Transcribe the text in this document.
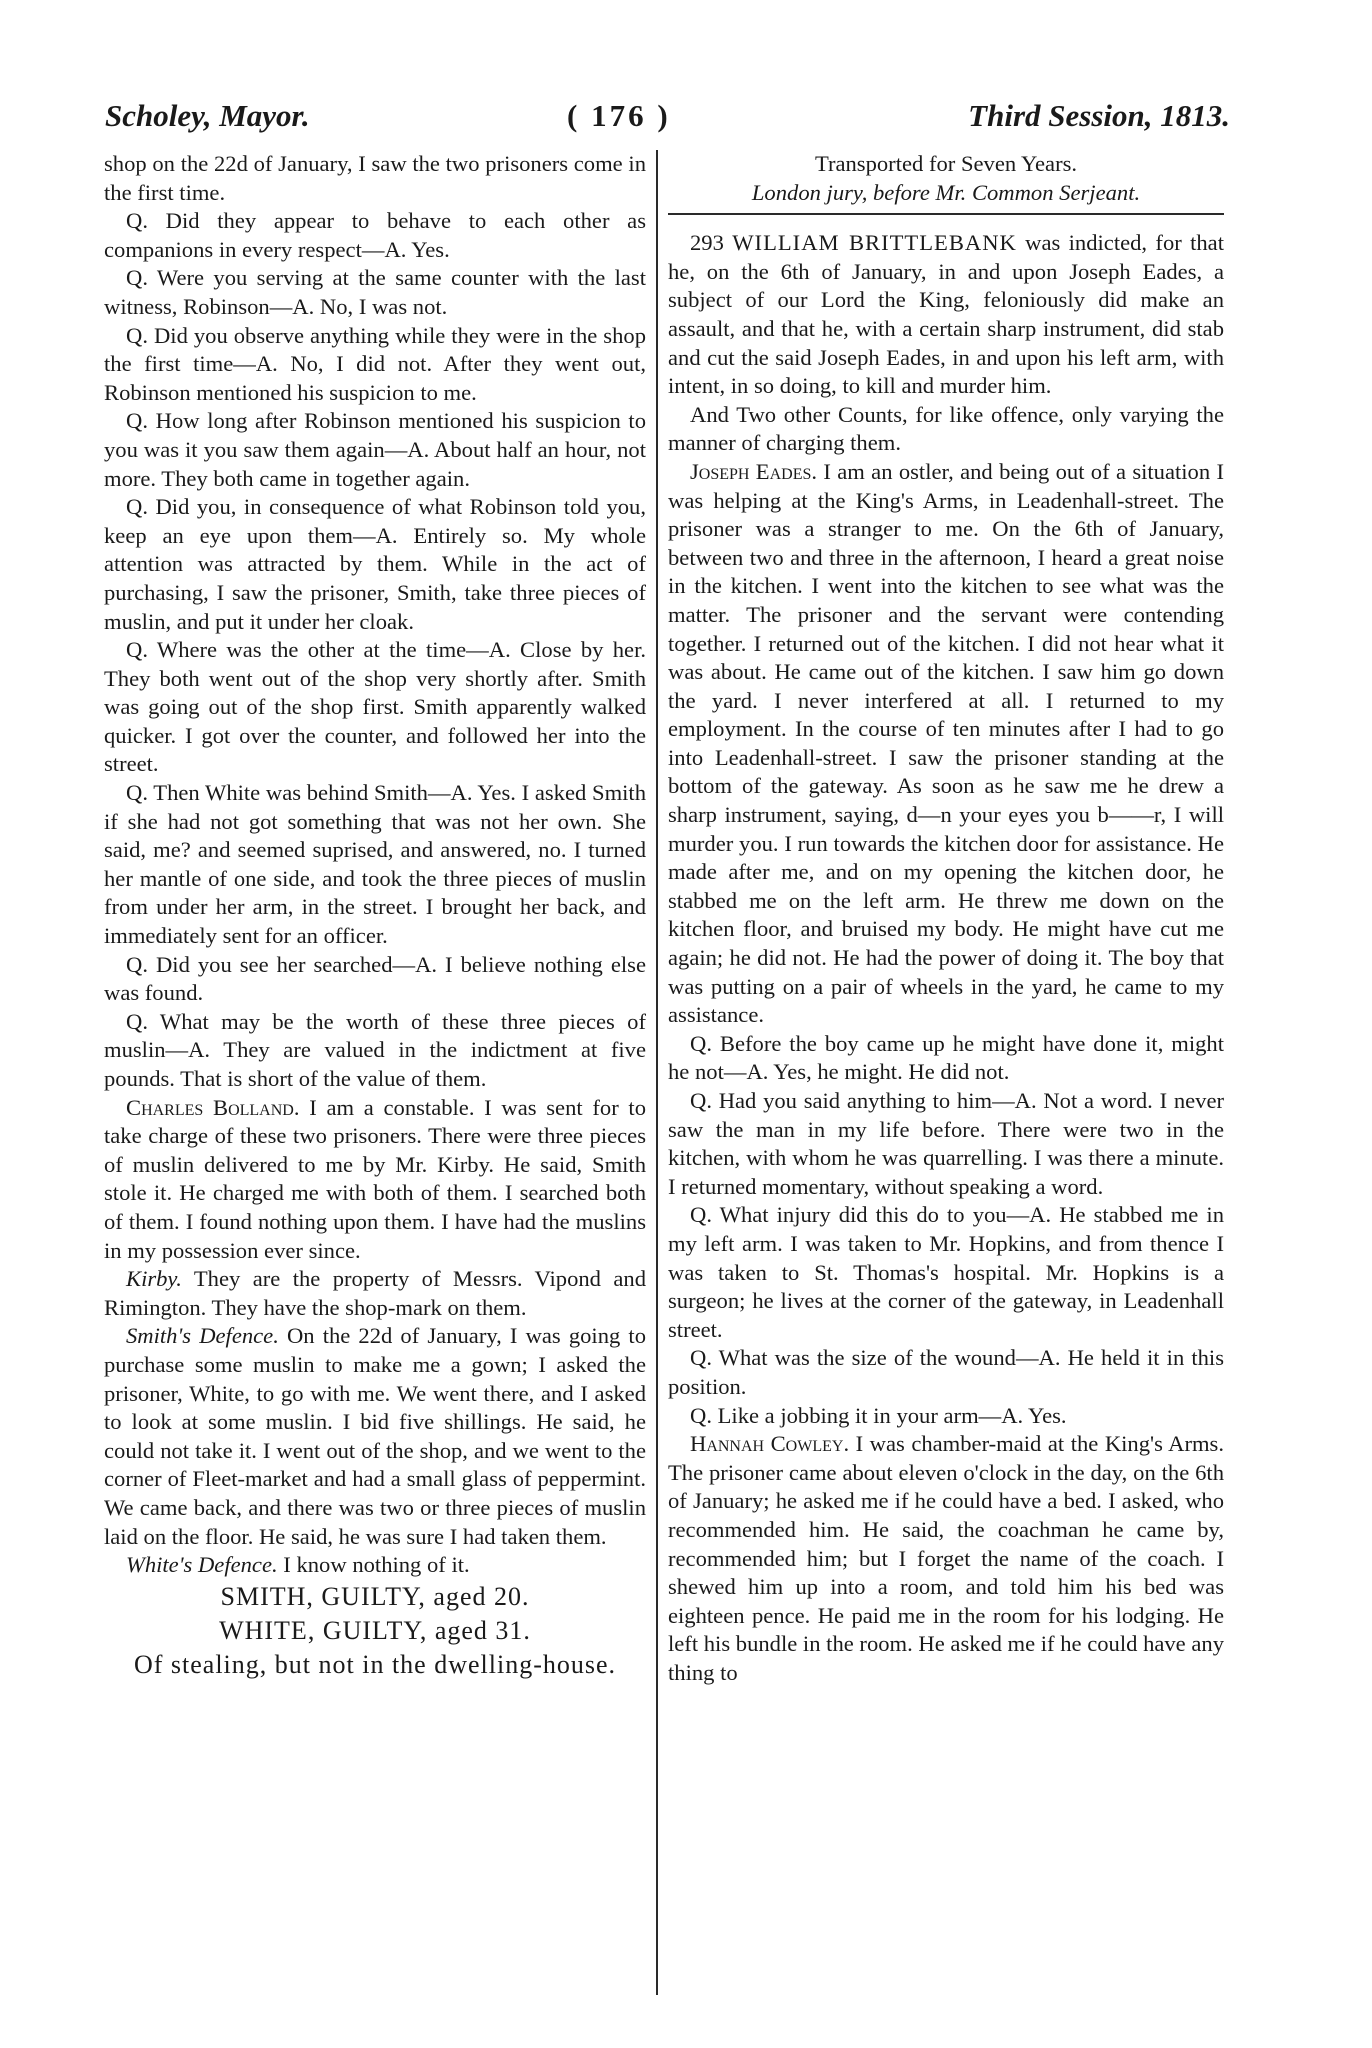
Scholey, Mayor.	( 176 )	Third Session, 1813.

shop on the 22d of January, I saw the two prisoners come in the first time.

Q. Did they appear to behave to each other as companions in every respect—A. Yes.

Q. Were you serving at the same counter with the last witness, Robinson—A. No, I was not.

Q. Did you observe anything while they were in the shop the first time—A. No, I did not. After they went out, Robinson mentioned his suspicion to me.

Q. How long after Robinson mentioned his suspicion to you was it you saw them again—A. About half an hour, not more. They both came in together again.

Q. Did you, in consequence of what Robinson told you, keep an eye upon them—A. Entirely so. My whole attention was attracted by them. While in the act of purchasing, I saw the prisoner, Smith, take three pieces of muslin, and put it under her cloak.

Q. Where was the other at the time—A. Close by her. They both went out of the shop very shortly after. Smith was going out of the shop first. Smith apparently walked quicker. I got over the counter, and followed her into the street.

Q. Then White was behind Smith—A. Yes. I asked Smith if she had not got something that was not her own. She said, me? and seemed suprised, and answered, no. I turned her mantle of one side, and took the three pieces of muslin from under her arm, in the street. I brought her back, and immediately sent for an officer.

Q. Did you see her searched—A. I believe nothing else was found.

Q. What may be the worth of these three pieces of muslin—A. They are valued in the indictment at five pounds. That is short of the value of them.

Charles Bolland. I am a constable. I was sent for to take charge of these two prisoners. There were three pieces of muslin delivered to me by Mr. Kirby. He said, Smith stole it. He charged me with both of them. I searched both of them. I found nothing upon them. I have had the muslins in my possession ever since.

Kirby. They are the property of Messrs. Vipond and Rimington. They have the shop-mark on them.

Smith's Defence. On the 22d of January, I was going to purchase some muslin to make me a gown; I asked the prisoner, White, to go with me. We went there, and I asked to look at some muslin. I bid five shillings. He said, he could not take it. I went out of the shop, and we went to the corner of Fleet-market and had a small glass of peppermint. We came back, and there was two or three pieces of muslin laid on the floor. He said, he was sure I had taken them.

White's Defence. I know nothing of it.

SMITH, GUILTY, aged 20.

WHITE, GUILTY, aged 31.

Of stealing, but not in the dwelling-house.

Transported for Seven Years.

London jury, before Mr. Common Serjeant.

293 WILLIAM BRITTLEBANK was indicted, for that he, on the 6th of January, in and upon Joseph Eades, a subject of our Lord the King, feloniously did make an assault, and that he, with a certain sharp instrument, did stab and cut the said Joseph Eades, in and upon his left arm, with intent, in so doing, to kill and murder him.

And Two other Counts, for like offence, only varying the manner of charging them.

Joseph Eades. I am an ostler, and being out of a situation I was helping at the King's Arms, in Leadenhall-street. The prisoner was a stranger to me. On the 6th of January, between two and three in the afternoon, I heard a great noise in the kitchen. I went into the kitchen to see what was the matter. The prisoner and the servant were contending together. I returned out of the kitchen. I did not hear what it was about. He came out of the kitchen. I saw him go down the yard. I never interfered at all. I returned to my employment. In the course of ten minutes after I had to go into Leadenhall-street. I saw the prisoner standing at the bottom of the gateway. As soon as he saw me he drew a sharp instrument, saying, d—n your eyes you b——r, I will murder you. I run towards the kitchen door for assistance. He made after me, and on my opening the kitchen door, he stabbed me on the left arm. He threw me down on the kitchen floor, and bruised my body. He might have cut me again; he did not. He had the power of doing it. The boy that was putting on a pair of wheels in the yard, he came to my assistance.

Q. Before the boy came up he might have done it, might he not—A. Yes, he might. He did not.

Q. Had you said anything to him—A. Not a word. I never saw the man in my life before. There were two in the kitchen, with whom he was quarrelling. I was there a minute. I returned momentary, without speaking a word.

Q. What injury did this do to you—A. He stabbed me in my left arm. I was taken to Mr. Hopkins, and from thence I was taken to St. Thomas's hospital. Mr. Hopkins is a surgeon; he lives at the corner of the gateway, in Leadenhall street.

Q. What was the size of the wound—A. He held it in this position.

Q. Like a jobbing it in your arm—A. Yes.

Hannah Cowley. I was chamber-maid at the King's Arms. The prisoner came about eleven o'clock in the day, on the 6th of January; he asked me if he could have a bed. I asked, who recommended him. He said, the coachman he came by, recommended him; but I forget the name of the coach. I shewed him up into a room, and told him his bed was eighteen pence. He paid me in the room for his lodging. He left his bundle in the room. He asked me if he could have any thing to
